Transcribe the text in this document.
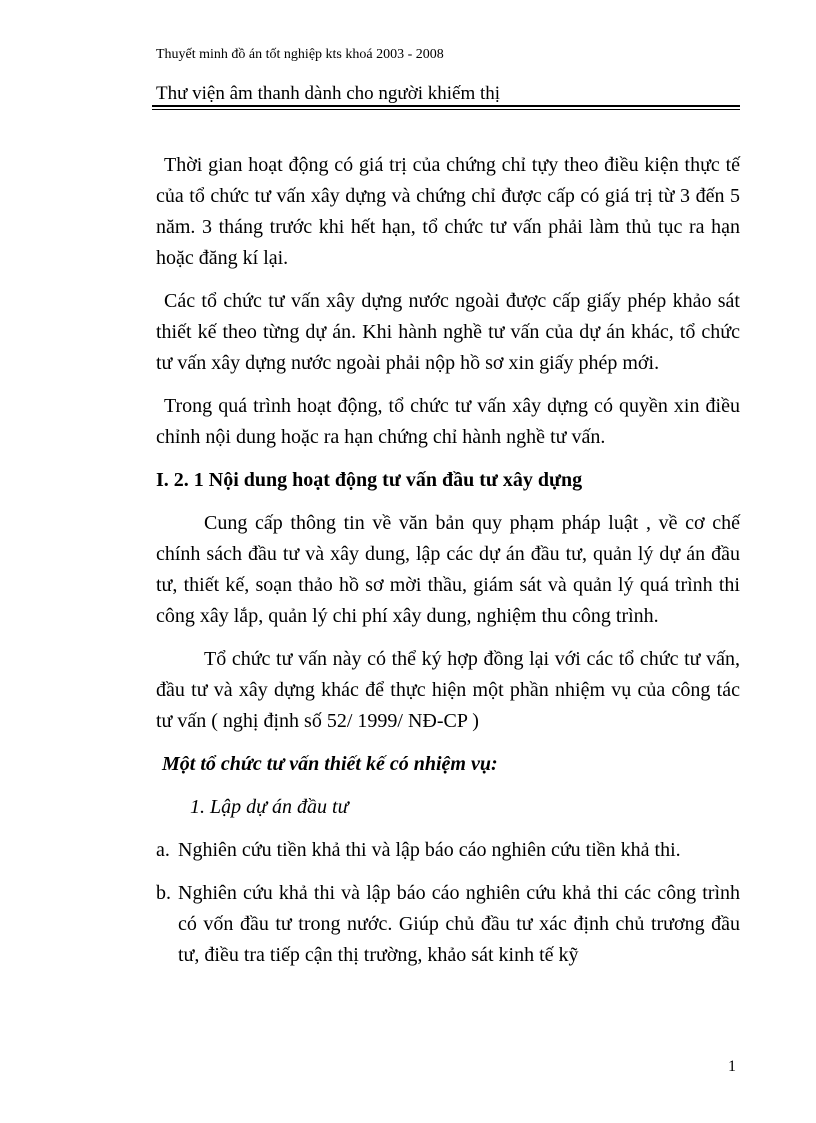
Thuyết minh đồ án tốt nghiệp kts khoá 2003 - 2008
Thư viện âm thanh dành cho người khiếm thị

Thời gian hoạt động có giá trị của chứng chỉ tựy theo điều kiện thực tế của tổ chức tư vấn xây dựng và chứng chỉ được cấp có giá trị từ 3 đến 5 năm. 3 tháng trước khi hết hạn, tổ chức tư vấn phải làm thủ tục ra hạn hoặc đăng kí lại.

Các tổ chức tư vấn xây dựng nước ngoài được cấp giấy phép khảo sát thiết kế theo từng dự án. Khi hành nghề tư vấn của dự án khác, tổ chức tư vấn xây dựng nước ngoài phải nộp hồ sơ xin giấy phép mới.

Trong quá trình hoạt động, tổ chức tư vấn xây dựng có quyền xin điều chỉnh nội dung hoặc ra hạn chứng chỉ hành nghề tư vấn.

I. 2. 1 Nội dung hoạt động tư vấn đầu tư xây dựng

Cung cấp thông tin về văn bản quy phạm pháp luật , về cơ chế chính sách đầu tư và xây dung, lập các dự án đầu tư, quản lý dự án đầu tư, thiết kế, soạn thảo hồ sơ mời thầu, giám sát và quản lý quá trình thi công xây lắp, quản lý chi phí xây dung, nghiệm thu công trình.

Tổ chức tư vấn này có thể ký hợp đồng lại với các tổ chức tư vấn, đầu tư và xây dựng khác để thực hiện một phần nhiệm vụ của công tác tư vấn ( nghị định số 52/ 1999/ NĐ-CP )

Một tổ chức tư vấn thiết kế có nhiệm vụ:
1. Lập dự án đầu tư
a. Nghiên cứu tiền khả thi và lập báo cáo nghiên cứu tiền khả thi.
b. Nghiên cứu khả thi và lập báo cáo nghiên cứu khả thi các công trình có vốn đầu tư trong nước. Giúp chủ đầu tư xác định chủ trương đầu tư, điều tra tiếp cận thị trường, khảo sát kinh tế kỹ
1
